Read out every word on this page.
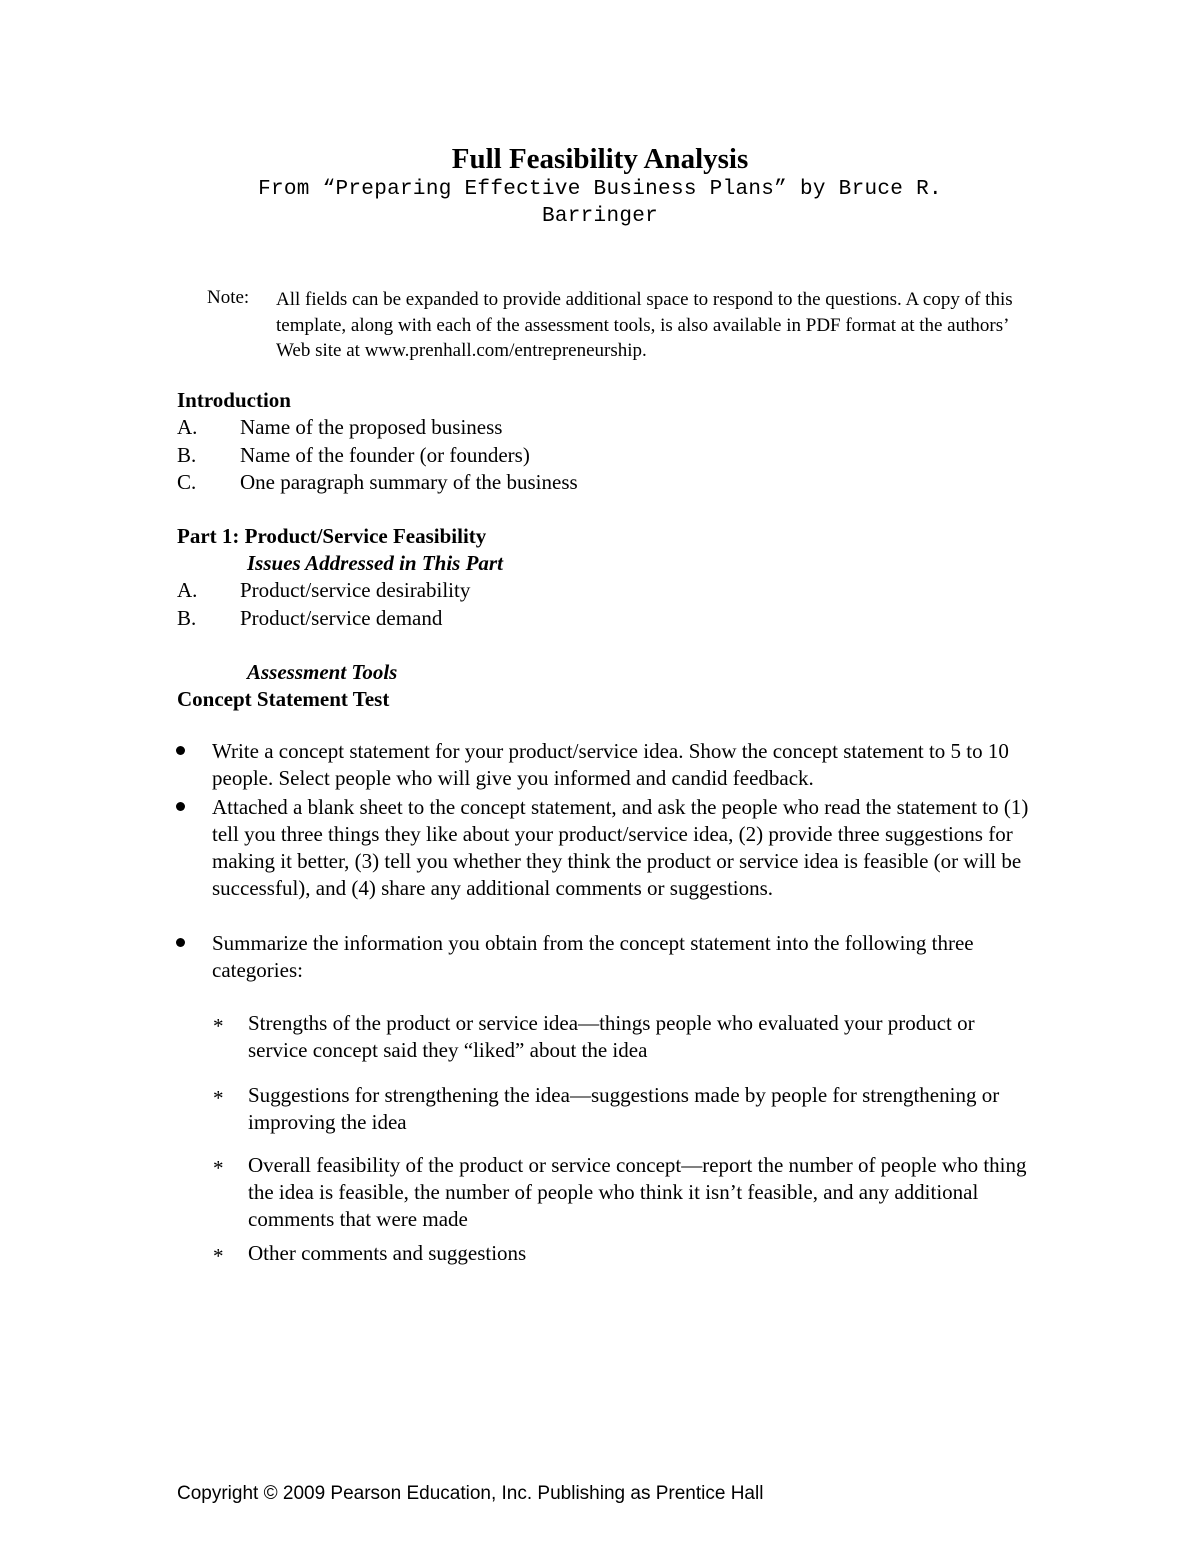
Full Feasibility Analysis
From “Preparing Effective Business Plans” by Bruce R. Barringer
Note: All fields can be expanded to provide additional space to respond to the questions. A copy of this template, along with each of the assessment tools, is also available in PDF format at the authors’ Web site at www.prenhall.com/entrepreneurship.
Introduction
A. Name of the proposed business
B. Name of the founder (or founders)
C. One paragraph summary of the business
Part 1: Product/Service Feasibility
Issues Addressed in This Part
A. Product/service desirability
B. Product/service demand
Assessment Tools
Concept Statement Test
Write a concept statement for your product/service idea. Show the concept statement to 5 to 10 people. Select people who will give you informed and candid feedback.
Attached a blank sheet to the concept statement, and ask the people who read the statement to (1) tell you three things they like about your product/service idea, (2) provide three suggestions for making it better, (3) tell you whether they think the product or service idea is feasible (or will be successful), and (4) share any additional comments or suggestions.
Summarize the information you obtain from the concept statement into the following three categories:
* Strengths of the product or service idea—things people who evaluated your product or service concept said they “liked” about the idea
* Suggestions for strengthening the idea—suggestions made by people for strengthening or improving the idea
* Overall feasibility of the product or service concept—report the number of people who thing the idea is feasible, the number of people who think it isn’t feasible, and any additional comments that were made
* Other comments and suggestions
Copyright © 2009 Pearson Education, Inc. Publishing as Prentice Hall
